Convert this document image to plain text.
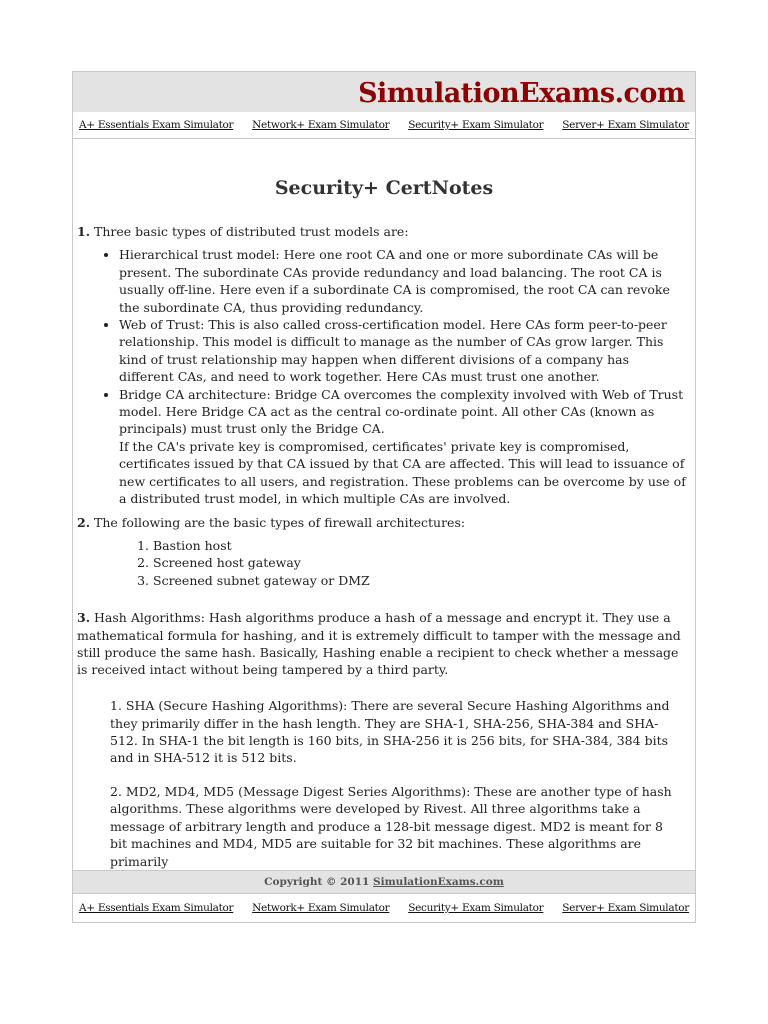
SimulationExams.com
A+ Essentials Exam Simulator Network+ Exam Simulator Security+ Exam Simulator Server+ Exam Simulator
Security+ CertNotes

1. Three basic types of distributed trust models are:

• Hierarchical trust model: Here one root CA and one or more subordinate CAs will be present. The subordinate CAs provide redundancy and load balancing. The root CA is usually off-line. Here even if a subordinate CA is compromised, the root CA can revoke the subordinate CA, thus providing redundancy.
• Web of Trust: This is also called cross-certification model. Here CAs form peer-to-peer relationship. This model is difficult to manage as the number of CAs grow larger. This kind of trust relationship may happen when different divisions of a company has different CAs, and need to work together. Here CAs must trust one another.
• Bridge CA architecture: Bridge CA overcomes the complexity involved with Web of Trust model. Here Bridge CA act as the central co-ordinate point. All other CAs (known as principals) must trust only the Bridge CA.
If the CA's private key is compromised, certificates' private key is compromised, certificates issued by that CA issued by that CA are affected. This will lead to issuance of new certificates to all users, and registration. These problems can be overcome by use of a distributed trust model, in which multiple CAs are involved.

2. The following are the basic types of firewall architectures:

1. Bastion host
2. Screened host gateway
3. Screened subnet gateway or DMZ

3. Hash Algorithms: Hash algorithms produce a hash of a message and encrypt it. They use a mathematical formula for hashing, and it is extremely difficult to tamper with the message and still produce the same hash. Basically, Hashing enable a recipient to check whether a message is received intact without being tampered by a third party.

1. SHA (Secure Hashing Algorithms): There are several Secure Hashing Algorithms and they primarily differ in the hash length. They are SHA-1, SHA-256, SHA-384 and SHA-512. In SHA-1 the bit length is 160 bits, in SHA-256 it is 256 bits, for SHA-384, 384 bits and in SHA-512 it is 512 bits.

2. MD2, MD4, MD5 (Message Digest Series Algorithms): These are another type of hash algorithms. These algorithms were developed by Rivest. All three algorithms take a message of arbitrary length and produce a 128-bit message digest. MD2 is meant for 8 bit machines and MD4, MD5 are suitable for 32 bit machines. These algorithms are primarily

Copyright © 2011 SimulationExams.com
A+ Essentials Exam Simulator Network+ Exam Simulator Security+ Exam Simulator Server+ Exam Simulator
